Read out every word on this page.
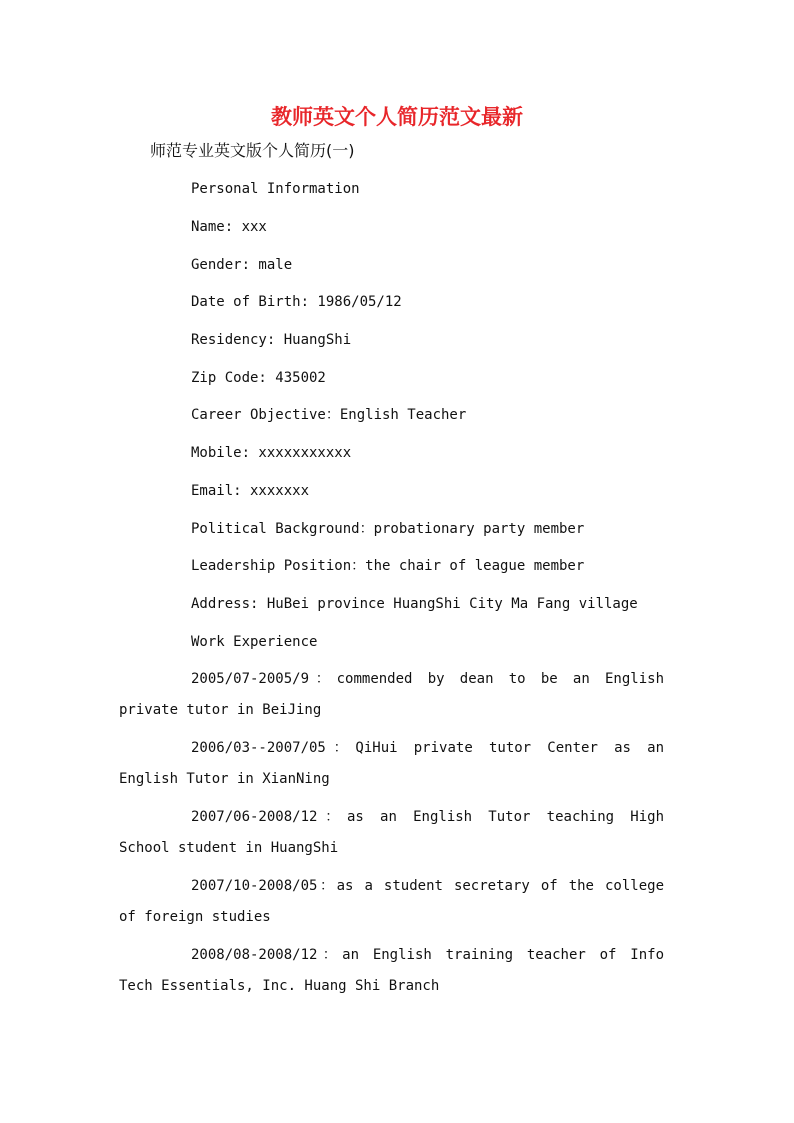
教师英文个人简历范文最新
师范专业英文版个人简历(一)
Personal Information
Name: xxx
Gender: male
Date of Birth: 1986/05/12
Residency: HuangShi
Zip Code: 435002
Career Objective：English Teacher
Mobile: xxxxxxxxxxx
Email: xxxxxxx
Political Background：probationary party member
Leadership Position：the chair of league member
Address: HuBei province HuangShi City Ma Fang village
Work Experience

2005/07-2005/9：commended by dean to be an English private tutor in BeiJing

2006/03--2007/05：QiHui private tutor Center as an English Tutor in XianNing

2007/06-2008/12：as an English Tutor teaching High School student in HuangShi

2007/10-2008/05：as a student secretary of the college of foreign studies

2008/08-2008/12：an English training teacher of Info Tech Essentials, Inc. Huang Shi Branch
